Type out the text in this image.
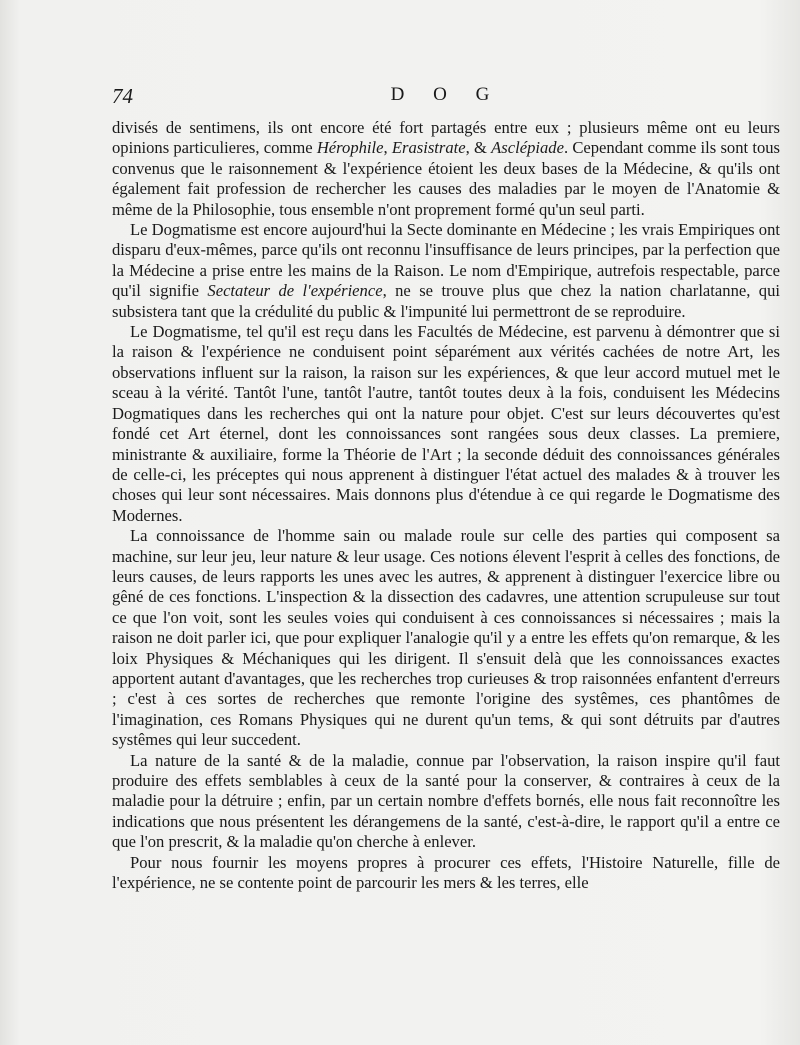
74	D O G

divisés de sentimens, ils ont encore été fort partagés entre eux ; plusieurs même ont eu leurs opinions particulieres, comme Hérophile, Erasistrate, & Asclépiade. Cependant comme ils sont tous convenus que le raisonnement & l'expérience étoient les deux bases de la Médecine, & qu'ils ont également fait profession de rechercher les causes des maladies par le moyen de l'Anatomie & même de la Philosophie, tous ensemble n'ont proprement formé qu'un seul parti.

Le Dogmatisme est encore aujourd'hui la Secte dominante en Médecine ; les vrais Empiriques ont disparu d'eux-mêmes, parce qu'ils ont reconnu l'insuffisance de leurs principes, par la perfection que la Médecine a prise entre les mains de la Raison. Le nom d'Empirique, autrefois respectable, parce qu'il signifie Sectateur de l'expérience, ne se trouve plus que chez la nation charlatanne, qui subsistera tant que la crédulité du public & l'impunité lui permettront de se reproduire.

Le Dogmatisme, tel qu'il est reçu dans les Facultés de Médecine, est parvenu à démontrer que si la raison & l'expérience ne conduisent point séparément aux vérités cachées de notre Art, les observations influent sur la raison, la raison sur les expériences, & que leur accord mutuel met le sceau à la vérité. Tantôt l'une, tantôt l'autre, tantôt toutes deux à la fois, conduisent les Médecins Dogmatiques dans les recherches qui ont la nature pour objet. C'est sur leurs découvertes qu'est fondé cet Art éternel, dont les connoissances sont rangées sous deux classes. La premiere, ministrante & auxiliaire, forme la Théorie de l'Art ; la seconde déduit des connoissances générales de celle-ci, les préceptes qui nous apprenent à distinguer l'état actuel des malades & à trouver les choses qui leur sont nécessaires. Mais donnons plus d'étendue à ce qui regarde le Dogmatisme des Modernes.

La connoissance de l'homme sain ou malade roule sur celle des parties qui composent sa machine, sur leur jeu, leur nature & leur usage. Ces notions élevent l'esprit à celles des fonctions, de leurs causes, de leurs rapports les unes avec les autres, & apprenent à distinguer l'exercice libre ou gêné de ces fonctions. L'inspection & la dissection des cadavres, une attention scrupuleuse sur tout ce que l'on voit, sont les seules voies qui conduisent à ces connoissances si nécessaires ; mais la raison ne doit parler ici, que pour expliquer l'analogie qu'il y a entre les effets qu'on remarque, & les loix Physiques & Méchaniques qui les dirigent. Il s'ensuit delà que les connoissances exactes apportent autant d'avantages, que les recherches trop curieuses & trop raisonnées enfantent d'erreurs ; c'est à ces sortes de recherches que remonte l'origine des systêmes, ces phantômes de l'imagination, ces Romans Physiques qui ne durent qu'un tems, & qui sont détruits par d'autres systêmes qui leur succedent.

La nature de la santé & de la maladie, connue par l'observation, la raison inspire qu'il faut produire des effets semblables à ceux de la santé pour la conserver, & contraires à ceux de la maladie pour la détruire ; enfin, par un certain nombre d'effets bornés, elle nous fait reconnoître les indications que nous présentent les dérangemens de la santé, c'est-à-dire, le rapport qu'il a entre ce que l'on prescrit, & la maladie qu'on cherche à enlever.

Pour nous fournir les moyens propres à procurer ces effets, l'Histoire Naturelle, fille de l'expérience, ne se contente point de parcourir les mers & les terres, elle
